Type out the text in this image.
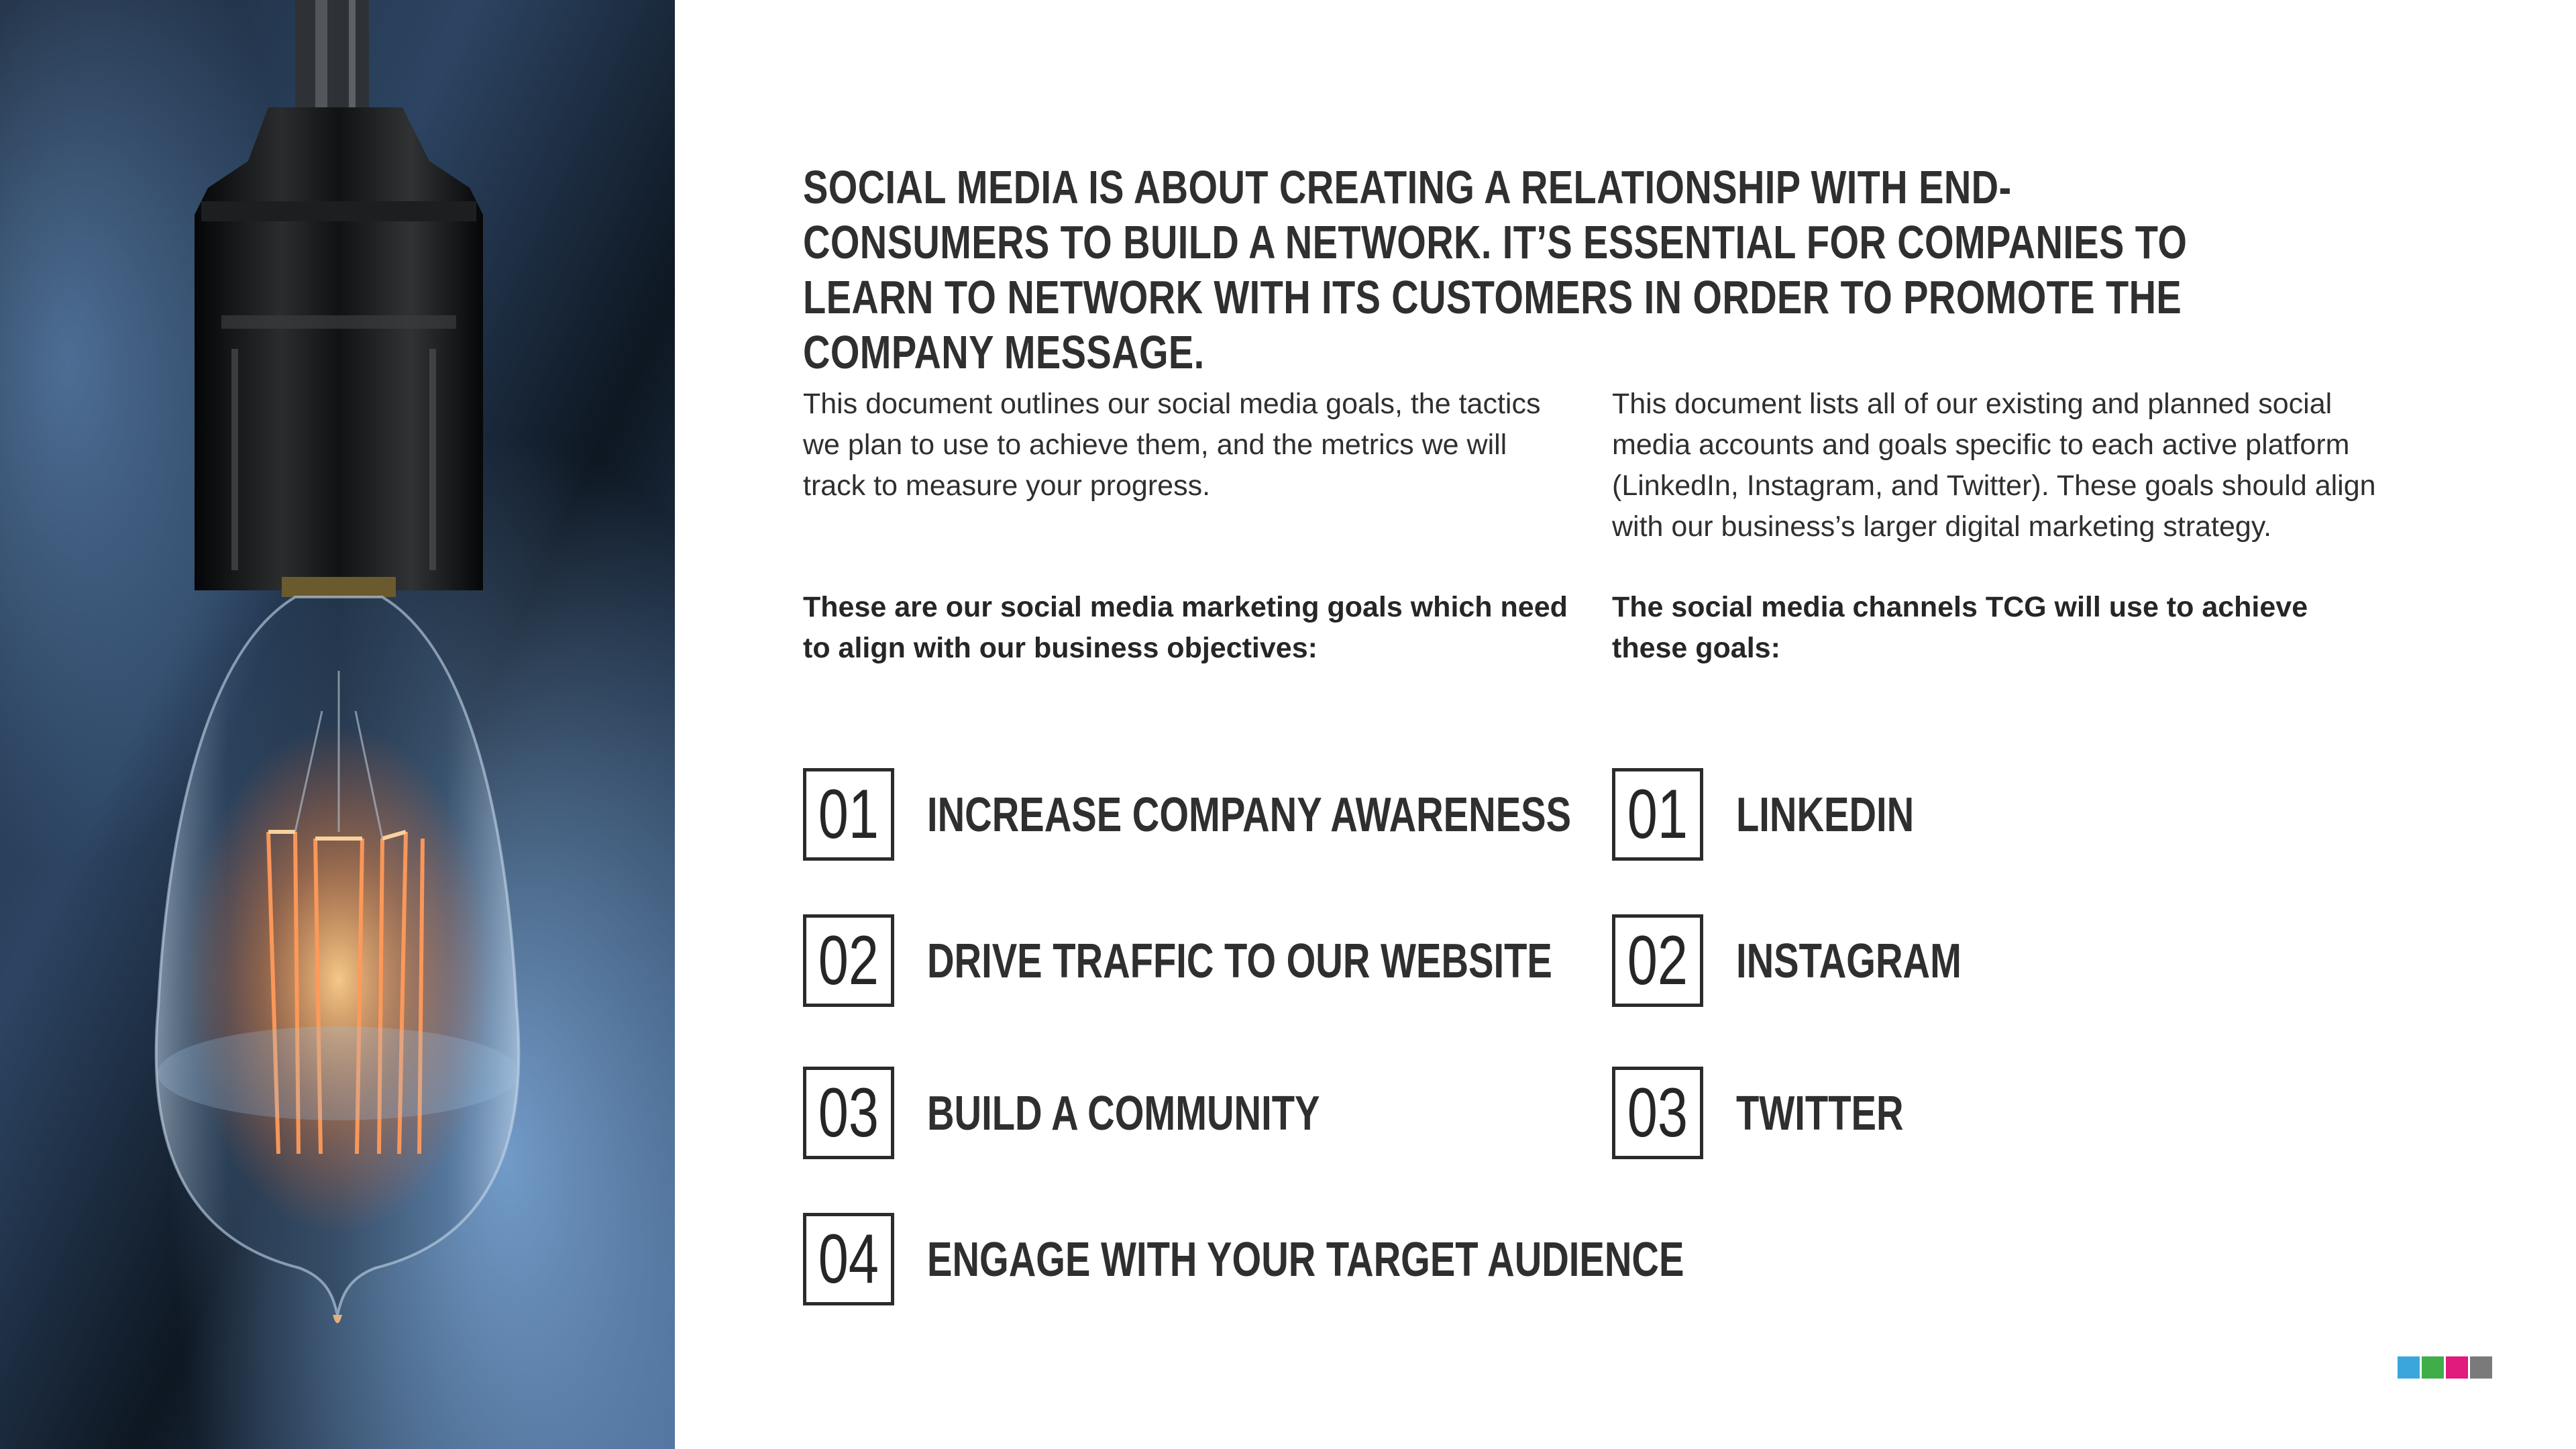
SOCIAL MEDIA IS ABOUT CREATING A RELATIONSHIP WITH END-CONSUMERS TO BUILD A NETWORK. IT’S ESSENTIAL FOR COMPANIES TO LEARN TO NETWORK WITH ITS CUSTOMERS IN ORDER TO PROMOTE THE COMPANY MESSAGE.

This document outlines our social media goals, the tactics we plan to use to achieve them, and the metrics we will track to measure your progress.

This document lists all of our existing and planned social media accounts and goals specific to each active platform (LinkedIn, Instagram, and Twitter). These goals should align with our business’s larger digital marketing strategy.

These are our social media marketing goals which need to align with our business objectives:

The social media channels TCG will use to achieve these goals:

01 INCREASE COMPANY AWARENESS
02 DRIVE TRAFFIC TO OUR WEBSITE
03 BUILD A COMMUNITY
04 ENGAGE WITH YOUR TARGET AUDIENCE
01 LINKEDIN
02 INSTAGRAM
03 TWITTER
